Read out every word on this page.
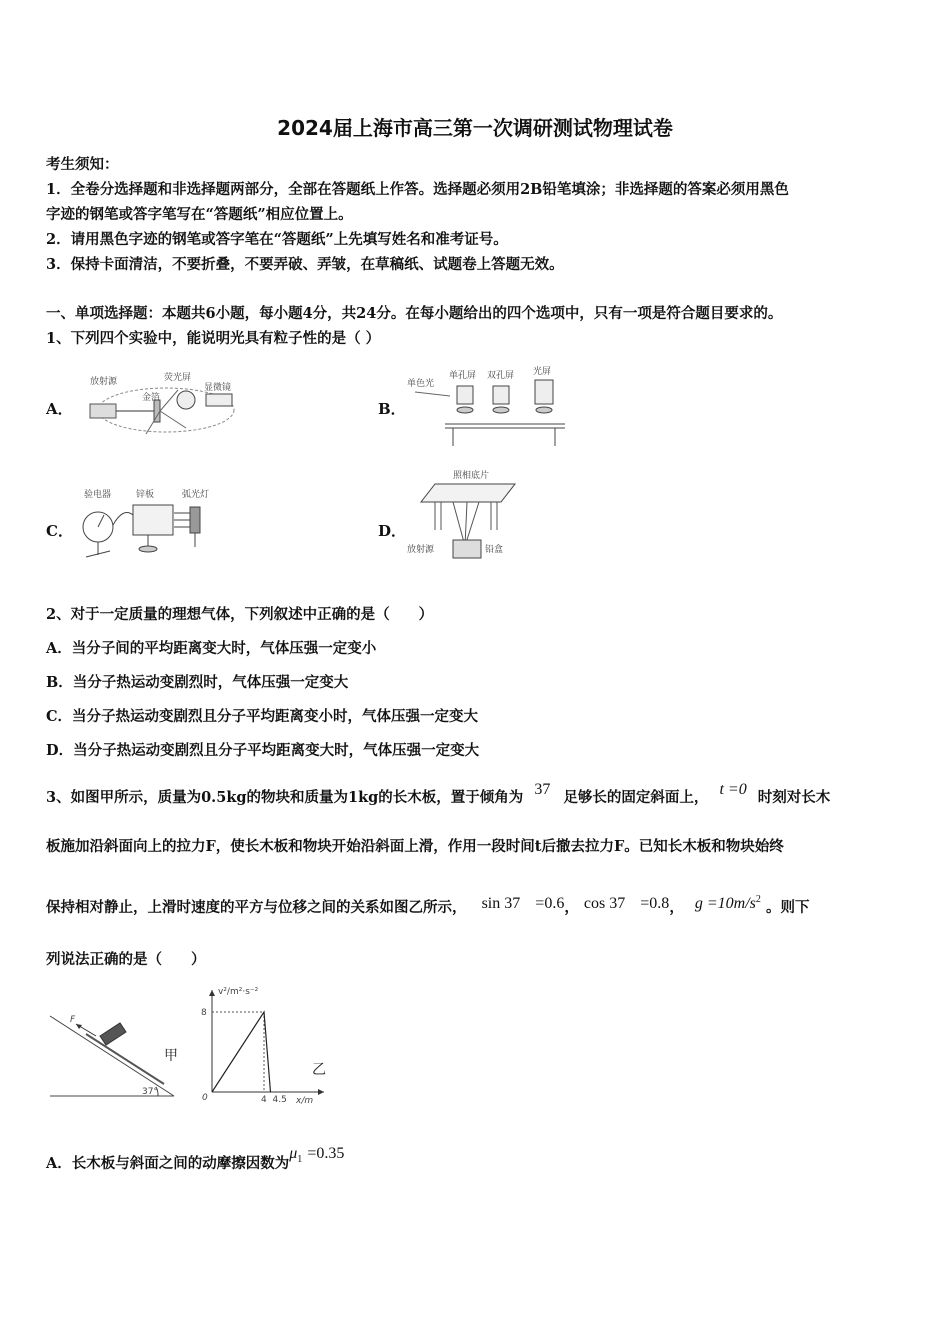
2024届上海市高三第一次调研测试物理试卷
考生须知：
1．全卷分选择题和非选择题两部分，全部在答题纸上作答。选择题必须用2B铅笔填涂；非选择题的答案必须用黑色
字迹的钢笔或答字笔写在“答题纸”相应位置上。
2．请用黑色字迹的钢笔或答字笔在“答题纸”上先填写姓名和准考证号。
3．保持卡面清洁，不要折叠，不要弄破、弄皱，在草稿纸、试题卷上答题无效。
一、单项选择题：本题共6小题，每小题4分，共24分。在每小题给出的四个选项中，只有一项是符合题目要求的。
1、下列四个实验中，能说明光具有粒子性的是（ ）
A．
放射源	荧光屏
金箔
显微镜
B．
单色光
单孔屏 双孔屏 光屏
C．
验电器	锌板	弧光灯
D．
照相底片
放射源	铅盒
2、对于一定质量的理想气体，下列叙述中正确的是（　　）
A．当分子间的平均距离变大时，气体压强一定变小
B．当分子热运动变剧烈时，气体压强一定变大
C．当分子热运动变剧烈且分子平均距离变小时，气体压强一定变大
D．当分子热运动变剧烈且分子平均距离变大时，气体压强一定变大
3、如图甲所示，质量为0.5kg的物块和质量为1kg的长木板，置于倾角为 37 足够长的固定斜面上， t =0 时刻对长木
板施加沿斜面向上的拉力F，使长木板和物块开始沿斜面上滑，作用一段时间t后撤去拉力F。已知长木板和物块始终
保持相对静止，上滑时速度的平方与位移之间的关系如图乙所示， sin 37 =0.6， cos 37 =0.8， $g =10m/s^2$ 。则下
列说法正确的是（　　）
F
37°
甲
v²/m²·s⁻²
x/m
0
8
4 4.5
乙
A．长木板与斜面之间的动摩擦因数为$\mu_1 =0.35$
